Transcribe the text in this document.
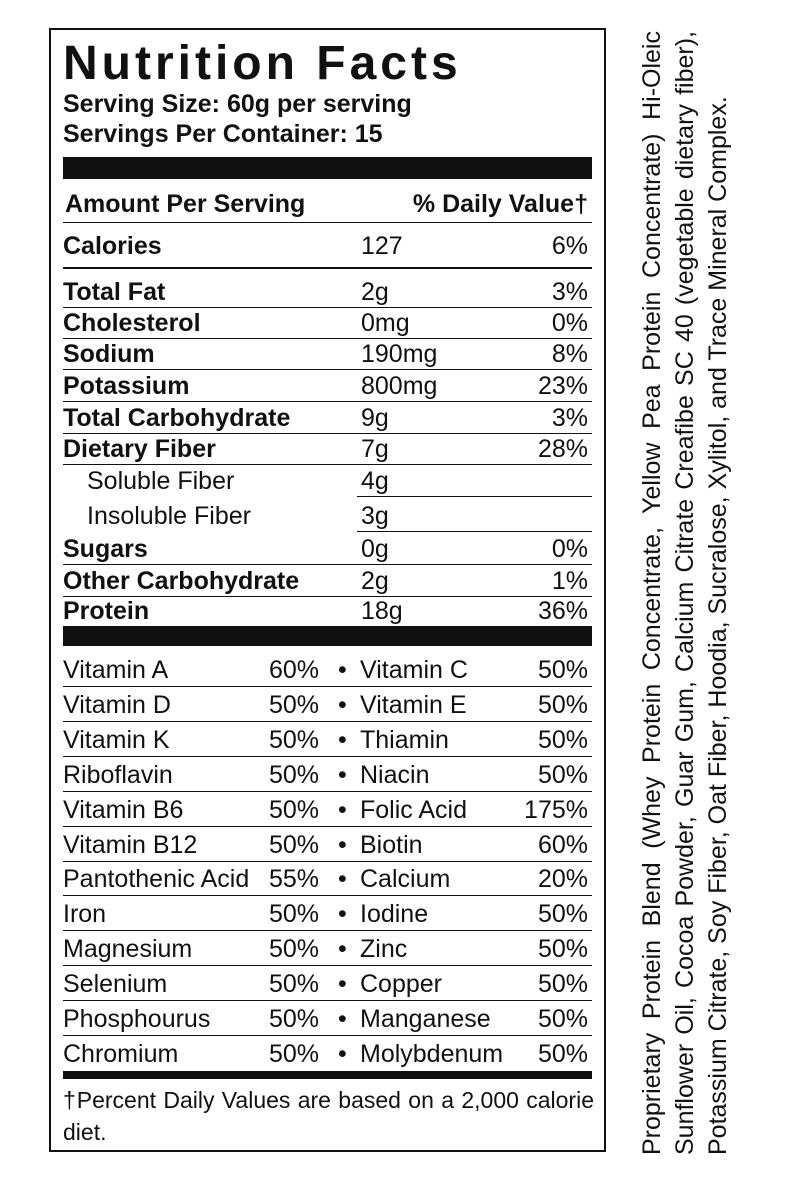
Nutrition Facts
Serving Size: 60g per serving
Servings Per Container: 15
Amount Per Serving	% Daily Value†
Calories	127	6%
Total Fat	2g	3%
Cholesterol	0mg	0%
Sodium	190mg	8%
Potassium	800mg	23%
Total Carbohydrate	9g	3%
Dietary Fiber	7g	28%
Soluble Fiber	4g
Insoluble Fiber	3g
Sugars	0g	0%
Other Carbohydrate 2g	1%
Protein	18g	36%
Vitamin A	60% • Vitamin C	50%
Vitamin D	50% • Vitamin E	50%
Vitamin K	50% • Thiamin	50%
Riboflavin	50% • Niacin	50%
Vitamin B6	50% • Folic Acid 175%
Vitamin B12	50% • Biotin	60%
Pantothenic Acid 55% • Calcium	20%
Iron	50% • Iodine	50%
Magnesium	50% • Zinc	50%
Selenium	50% • Copper	50%
Phosphourus 50% • Manganese 50%
Chromium	50% • Molybdenum 50%
†Percent Daily Values are based on a 2,000 calorie diet.	Proprietary Protein Blend (Whey Protein Concentrate, Yellow Pea Protein Concentrate) Hi-Oleic Sunflower Oil, Cocoa Powder, Guar Gum, Calcium Citrate Creafibe SC 40 (vegetable dietary fiber), Potassium Citrate, Soy Fiber, Oat Fiber, Hoodia, Sucralose, Xylitol, and Trace Mineral Complex.
